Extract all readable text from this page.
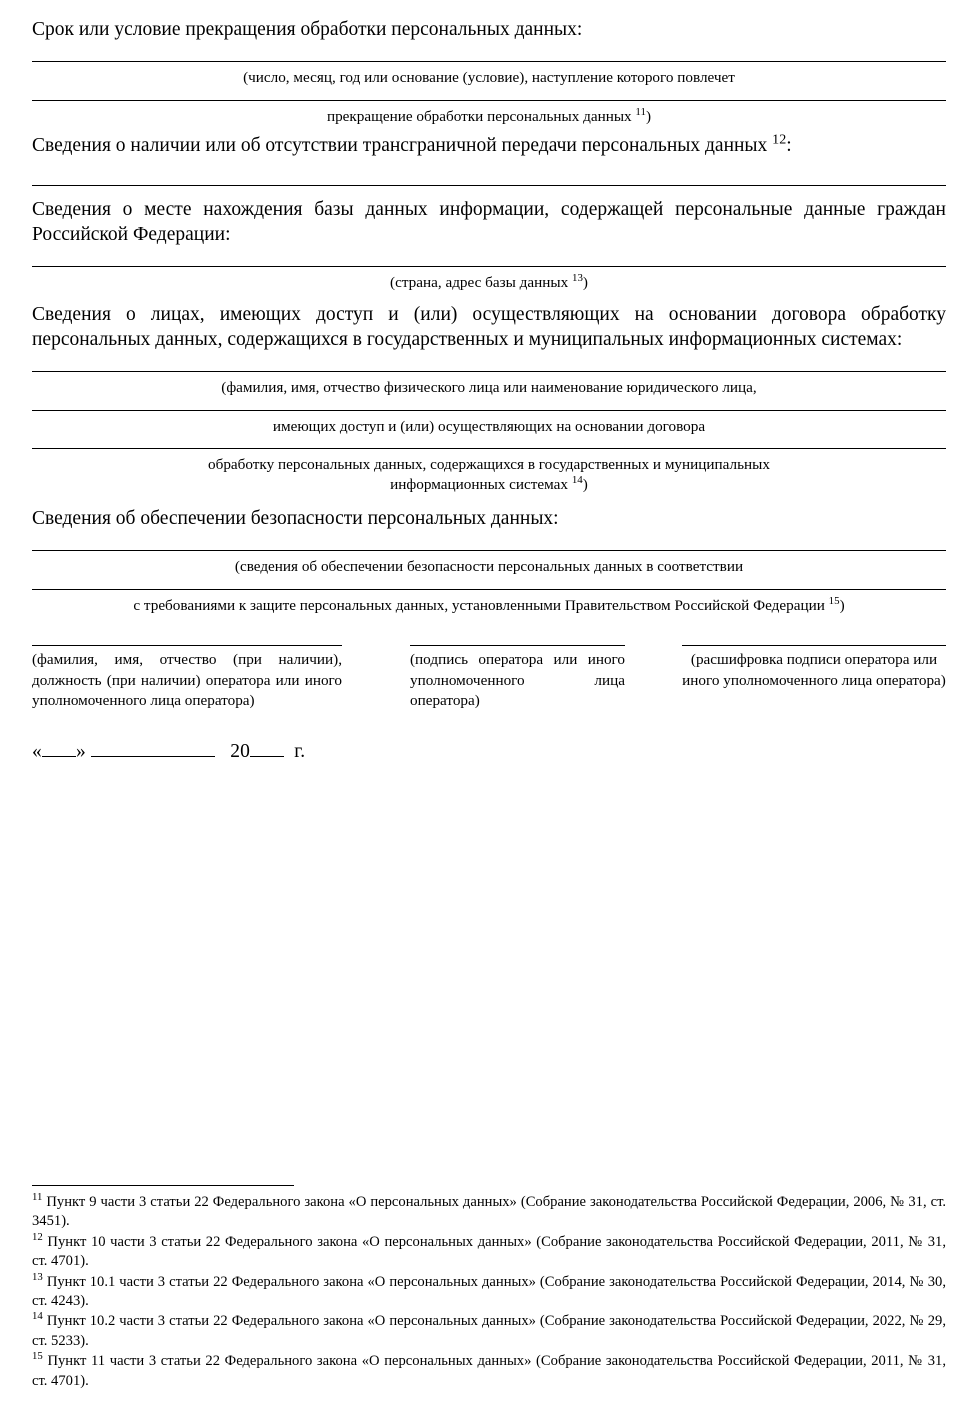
Срок или условие прекращения обработки персональных данных:

(число, месяц, год или основание (условие), наступление которого повлечет

прекращение обработки персональных данных $^{11}$)

Сведения о наличии или об отсутствии трансграничной передачи персональных данных $^{12}$:

Сведения о месте нахождения базы данных информации, содержащей персональные данные граждан Российской Федерации:

(страна, адрес базы данных $^{13}$)

Сведения о лицах, имеющих доступ и (или) осуществляющих на основании договора обработку персональных данных, содержащихся в государственных и муниципальных информационных системах:

(фамилия, имя, отчество физического лица или наименование юридического лица,

имеющих доступ и (или) осуществляющих на основании договора

обработку персональных данных, содержащихся в государственных и муниципальных
информационных системах $^{14}$)

Сведения об обеспечении безопасности персональных данных:

(сведения об обеспечении безопасности персональных данных в соответствии

с требованиями к защите персональных данных, установленными Правительством Российской Федерации $^{15}$)

(фамилия, имя, отчество (при наличии), должность (при наличии) оператора или иного уполномоченного лица оператора)
(подпись оператора или иного уполномоченного лица оператора)
(расшифровка подписи оператора или иного уполномоченного лица оператора)
« »	20 г.

$^{11}$ Пункт 9 части 3 статьи 22 Федерального закона «О персональных данных» (Собрание законодательства Российской Федерации, 2006, № 31, ст. 3451).

$^{12}$ Пункт 10 части 3 статьи 22 Федерального закона «О персональных данных» (Собрание законодательства Российской Федерации, 2011, № 31, ст. 4701).

$^{13}$ Пункт 10.1 части 3 статьи 22 Федерального закона «О персональных данных» (Собрание законодательства Российской Федерации, 2014, № 30, ст. 4243).

$^{14}$ Пункт 10.2 части 3 статьи 22 Федерального закона «О персональных данных» (Собрание законодательства Российской Федерации, 2022, № 29, ст. 5233).

$^{15}$ Пункт 11 части 3 статьи 22 Федерального закона «О персональных данных» (Собрание законодательства Российской Федерации, 2011, № 31, ст. 4701).
